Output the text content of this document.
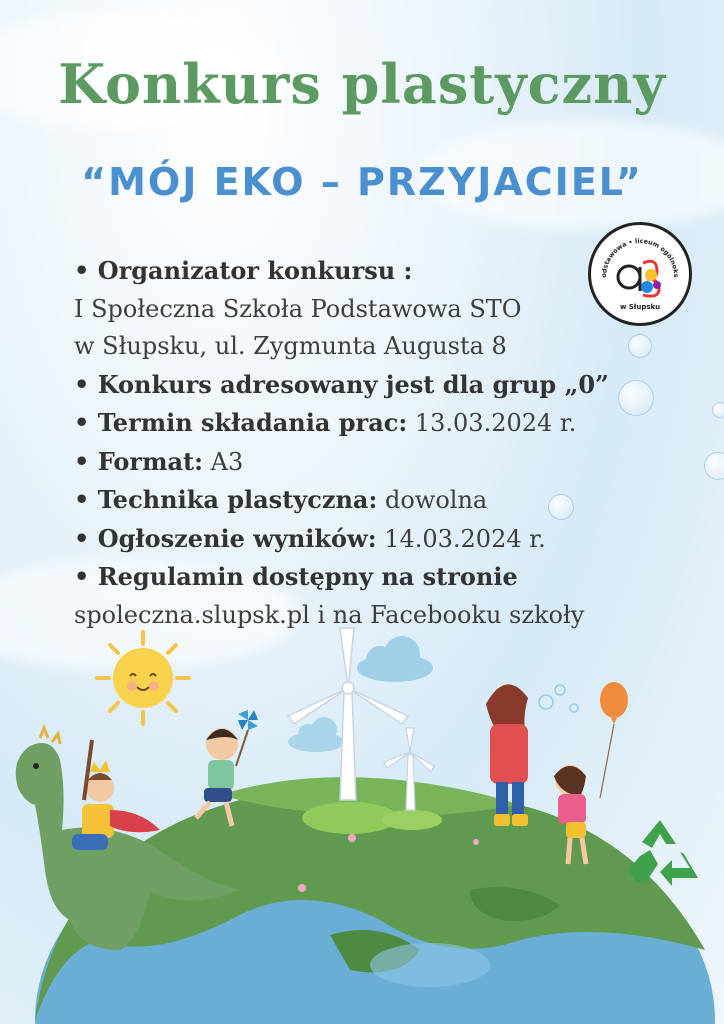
Konkurs plastyczny
“MÓJ EKO – PRZYJACIEL”
odstawowa • liceum ogólnoks
w Słupsku
• Organizator konkursu :
I Społeczna Szkoła Podstawowa STO
w Słupsku, ul. Zygmunta Augusta 8
• Konkurs adresowany jest dla grup „0”
• Termin składania prac: 13.03.2024 r.
• Format: A3
• Technika plastyczna: dowolna
• Ogłoszenie wyników: 14.03.2024 r.
• Regulamin dostępny na stronie
spoleczna.slupsk.pl i na Facebooku szkoły
